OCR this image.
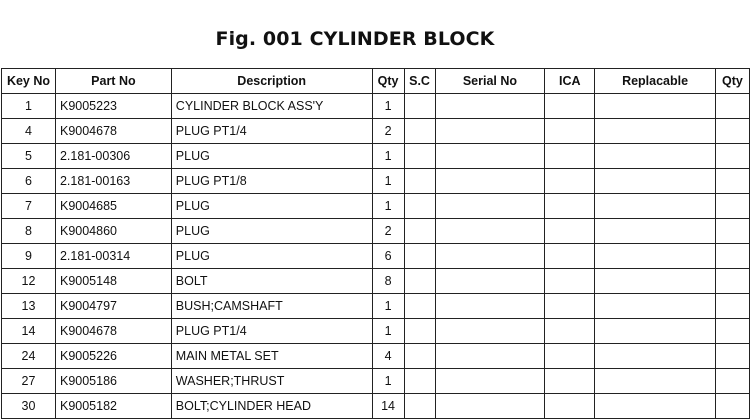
Fig. 001 CYLINDER BLOCK
Key No	Part No	Description	Qty	S.C	Serial No	ICA	Replacable	Qty
1	K9005223	CYLINDER BLOCK ASS'Y	1					
4	K9004678	PLUG PT1/4	2					
5	2.181-00306	PLUG	1					
6	2.181-00163	PLUG PT1/8	1					
7	K9004685	PLUG	1					
8	K9004860	PLUG	2					
9	2.181-00314	PLUG	6					
12	K9005148	BOLT	8					
13	K9004797	BUSH;CAMSHAFT	1					
14	K9004678	PLUG PT1/4	1					
24	K9005226	MAIN METAL SET	4					
27	K9005186	WASHER;THRUST	1					
30	K9005182	BOLT;CYLINDER HEAD	14					
